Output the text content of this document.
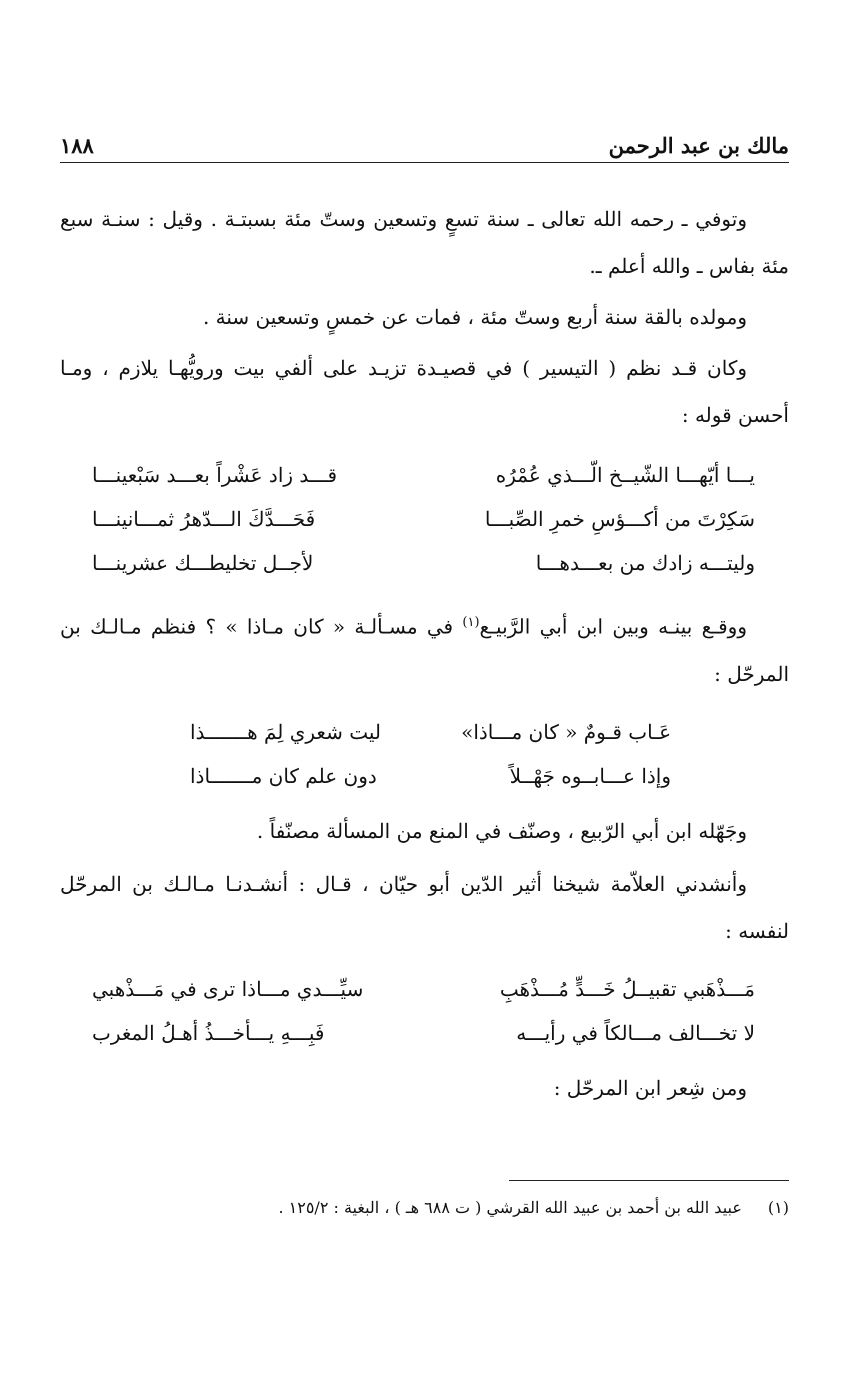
مالك بن عبد الرحمن
١٨٨

وتوفي ـ رحمه الله تعالى ـ سنة تسعٍ وتسعين وستّ مئة بسبتـة . وقيل : سنـة سبع مئة بفاس ـ والله أعلم ـ.

ومولده بالقة سنة أربع وستّ مئة ، فمات عن خمسٍ وتسعين سنة .

وكان قـد نظم ( التيسير ) في قصيـدة تزيـد على ألفي بيت ورويُّهـا يلازم ، ومـا أحسن قوله :

يـــا أيّهـــا الشّيــخ الّـــذي عُمْرُه
قـــد زاد عَشْراً بعـــد سَبْعينـــا
سَكِرْتَ من أكـــؤسِ خمرِ الصِّبـــا
فَحَـــدَّكَ الـــدّهرُ ثمـــانينـــا
وليتـــه زادك من بعـــدهـــا
لأجــل تخليطـــك عشرينـــا

ووقـع بينـه وبين ابن أبي الرَّبيـع$^{(١)}$ في مسـألـة « كان مـاذا » ؟ فنظم مـالـك بن المرحّل :

عَـاب قـومٌ « كان مـــاذا»
ليت شعري لِمَ هـــــــذا
وإذا عـــابــوه جَهْــلاً
دون علم كان مـــــــاذا

وجَهّله ابن أبي الرّبيع ، وصنّف في المنع من المسألة مصنّفاً .

وأنشدني العلاّمة شيخنا أثير الدّين أبو حيّان ، قـال : أنشـدنـا مـالـك بن المرحّل لنفسه :

مَـــذْهَبي تقبيــلُ خَـــدٍّ مُـــذْهَبِ
سيِّـــدي مـــاذا ترى في مَـــذْهبي
لا تخـــالف مـــالكاً في رأيـــه
فَبِـــهِ يـــأخـــذُ أهـلُ المغرب

ومن شِعر ابن المرحّل :

(١)
عبيد الله بن أحمد بن عبيد الله القرشي ( ت ٦٨٨ هـ ) ، البغية : ١٢٥/٢ .
